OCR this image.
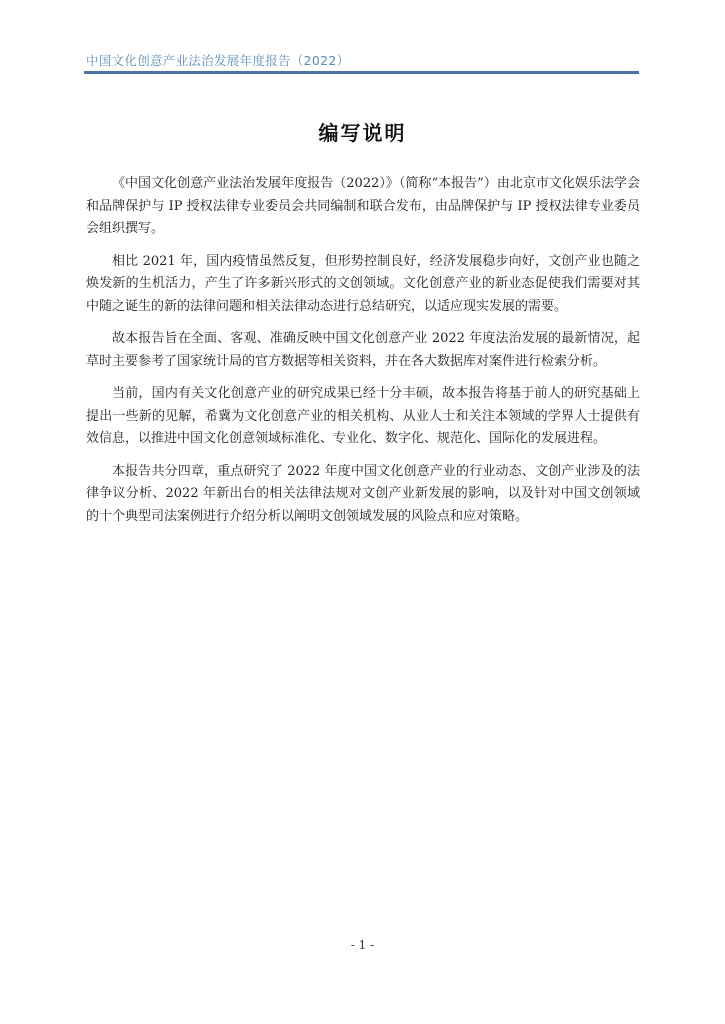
中国文化创意产业法治发展年度报告（2022）
编写说明

《中国文化创意产业法治发展年度报告（2022）》（简称“本报告”）由北京市文化娱乐法学会和品牌保护与 IP 授权法律专业委员会共同编制和联合发布，由品牌保护与 IP 授权法律专业委员会组织撰写。

相比 2021 年，国内疫情虽然反复，但形势控制良好，经济发展稳步向好，文创产业也随之焕发新的生机活力，产生了许多新兴形式的文创领域。文化创意产业的新业态促使我们需要对其中随之诞生的新的法律问题和相关法律动态进行总结研究，以适应现实发展的需要。

故本报告旨在全面、客观、准确反映中国文化创意产业 2022 年度法治发展的最新情况，起草时主要参考了国家统计局的官方数据等相关资料，并在各大数据库对案件进行检索分析。

当前，国内有关文化创意产业的研究成果已经十分丰硕，故本报告将基于前人的研究基础上提出一些新的见解，希冀为文化创意产业的相关机构、从业人士和关注本领域的学界人士提供有效信息，以推进中国文化创意领域标准化、专业化、数字化、规范化、国际化的发展进程。

本报告共分四章，重点研究了 2022 年度中国文化创意产业的行业动态、文创产业涉及的法律争议分析、2022 年新出台的相关法律法规对文创产业新发展的影响，以及针对中国文创领域的十个典型司法案例进行介绍分析以阐明文创领域发展的风险点和应对策略。

- 1 -
